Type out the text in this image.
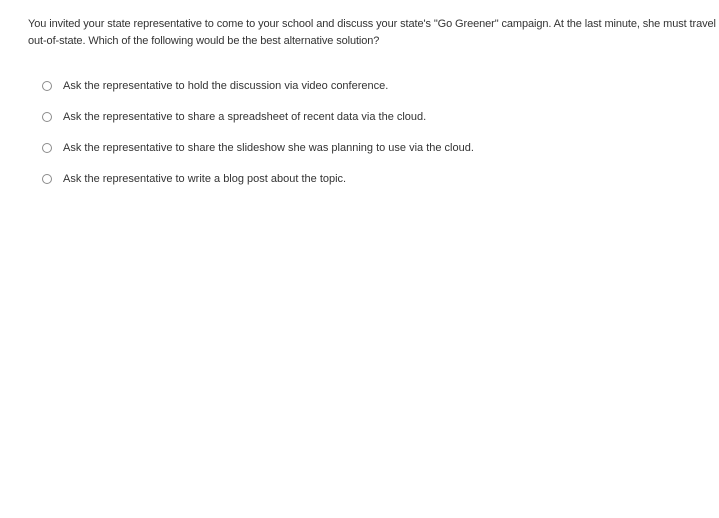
You invited your state representative to come to your school and discuss your state's "Go Greener" campaign. At the last minute, she must travel out-of-state. Which of the following would be the best alternative solution?
Ask the representative to hold the discussion via video conference.
Ask the representative to share a spreadsheet of recent data via the cloud.
Ask the representative to share the slideshow she was planning to use via the cloud.
Ask the representative to write a blog post about the topic.
